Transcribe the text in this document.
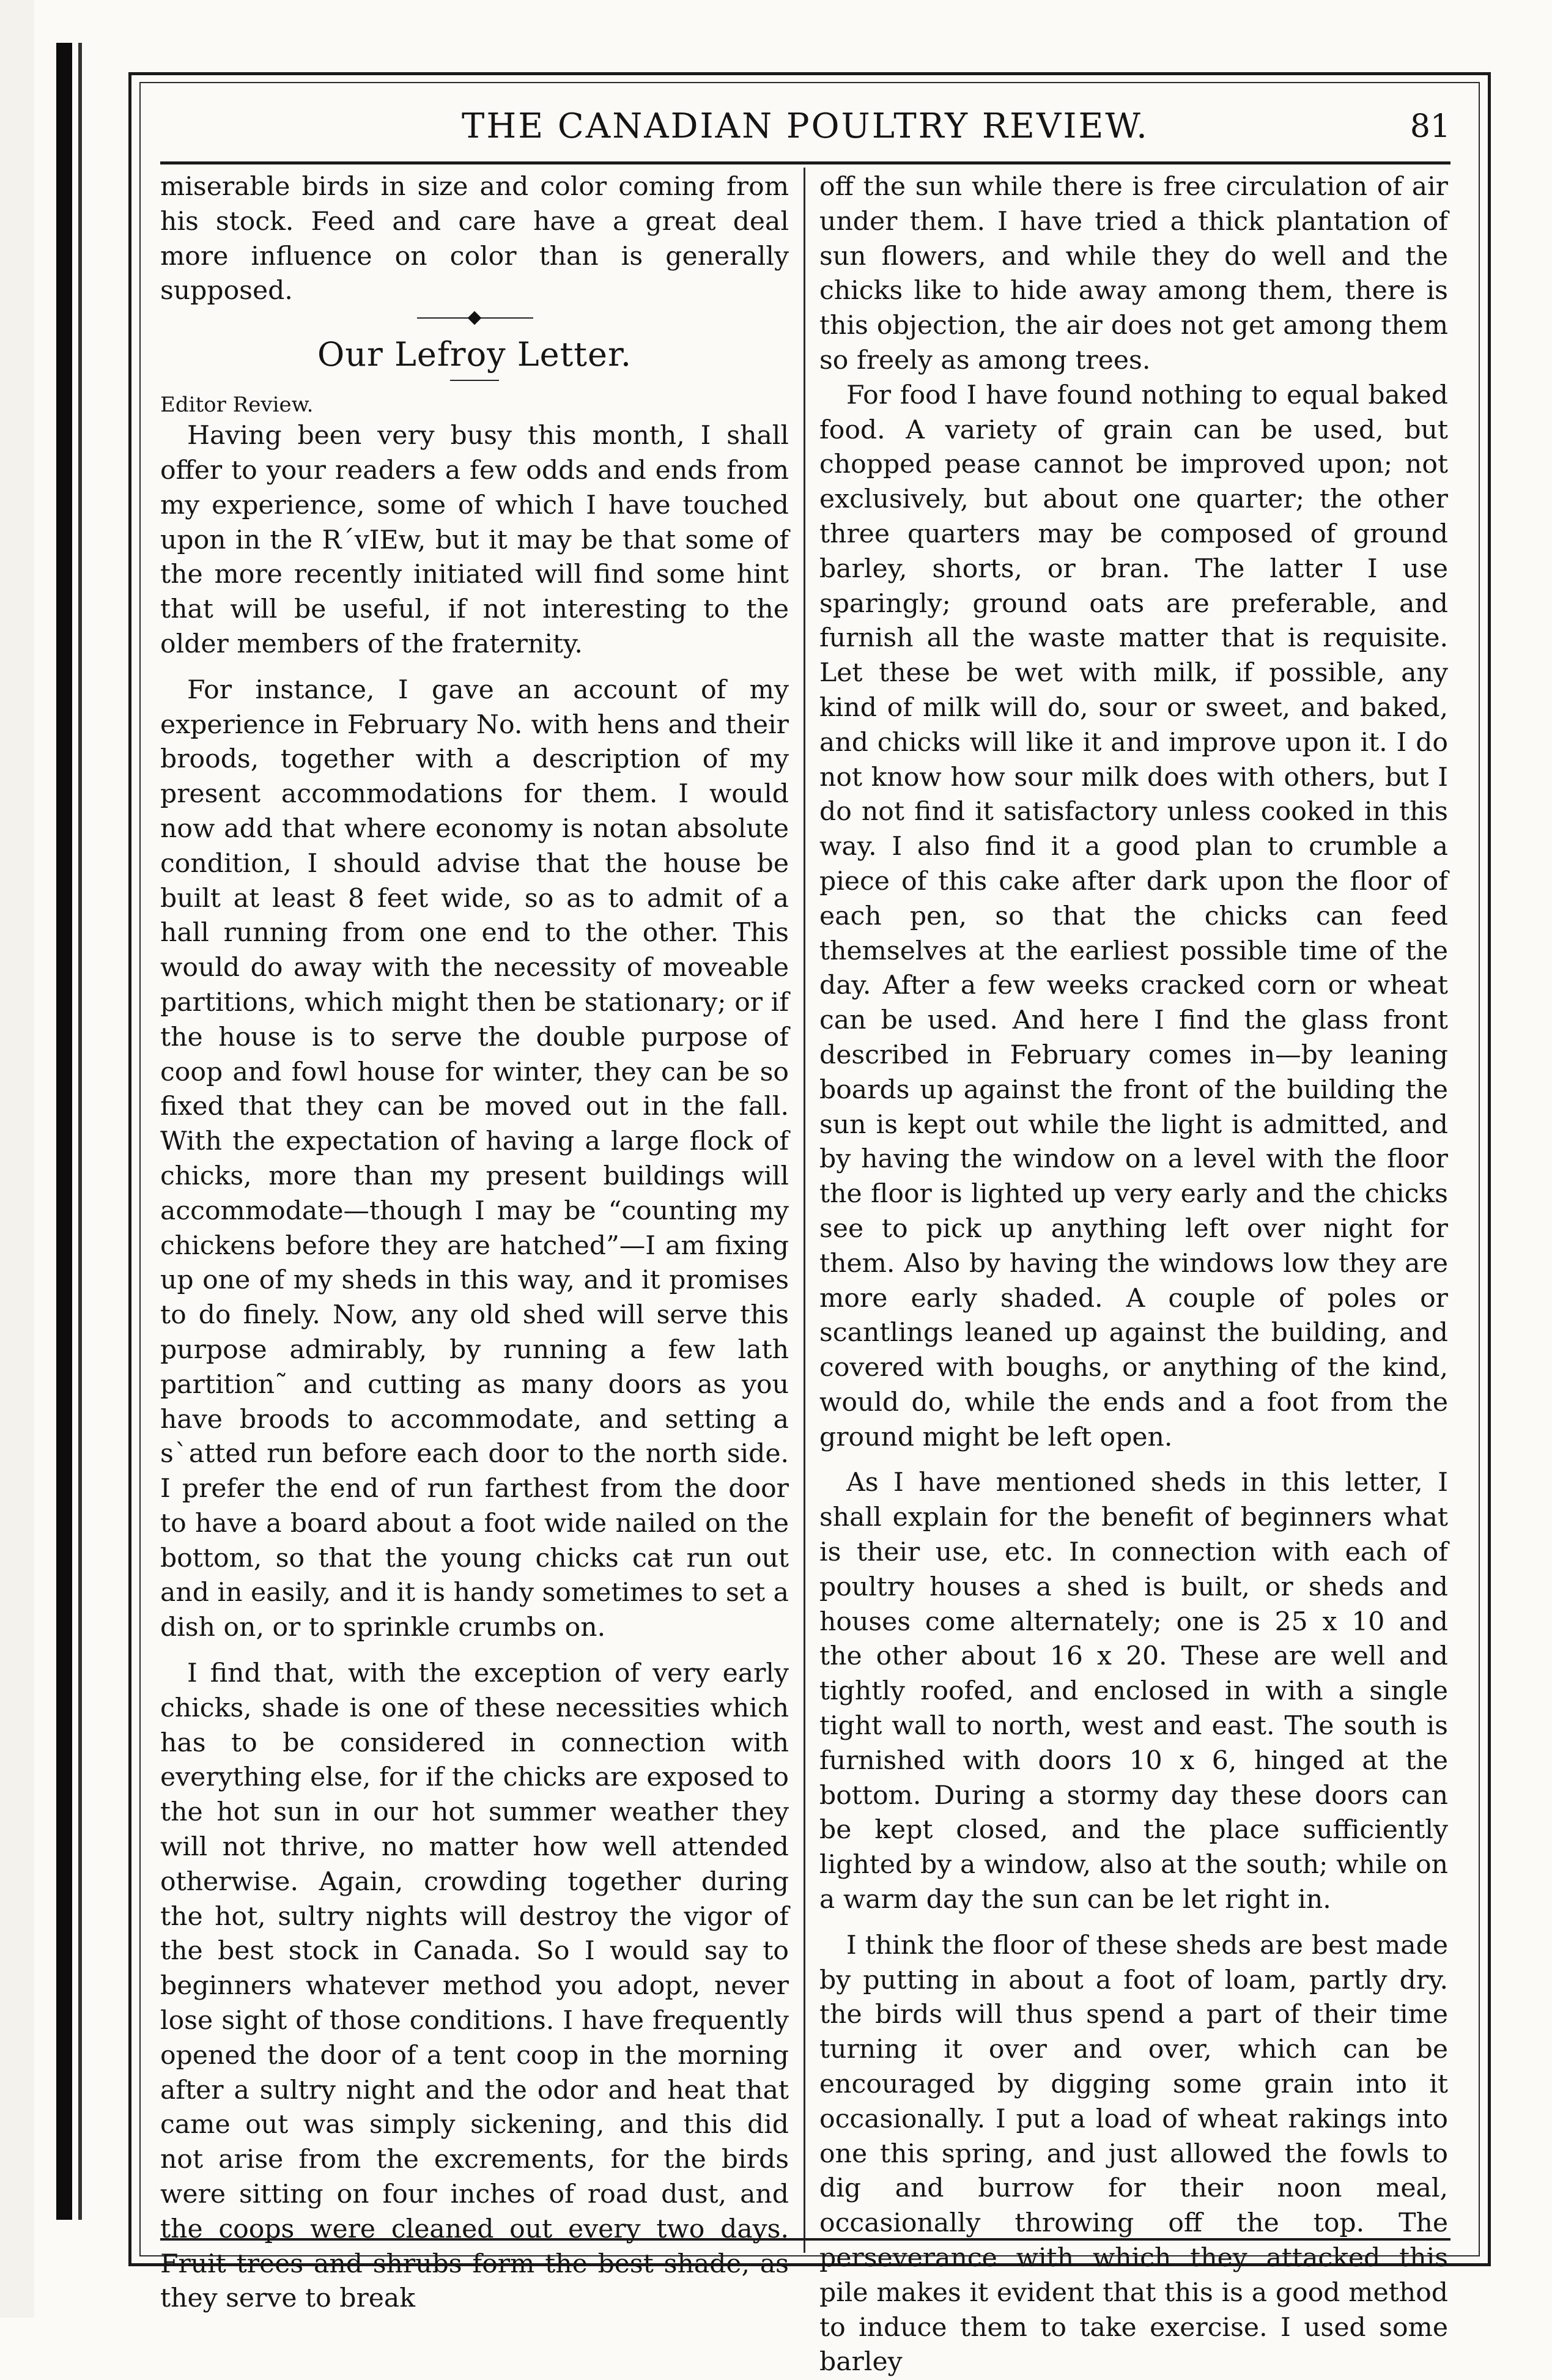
THE CANADIAN POULTRY REVIEW.	81

miserable birds in size and color coming from his stock. Feed and care have a great deal more influence on color than is generally supposed.

Our Lefroy Letter.

Editor Review.

Having been very busy this month, I shall offer to your readers a few odds and ends from my experience, some of which I have touched upon in the R´vIEw, but it may be that some of the more recently initiated will find some hint that will be useful, if not interesting to the older members of the fraternity.

For instance, I gave an account of my experience in February No. with hens and their broods, together with a description of my present accommodations for them. I would now add that where economy is notan absolute condition, I should advise that the house be built at least 8 feet wide, so as to admit of a hall running from one end to the other. This would do away with the necessity of moveable partitions, which might then be stationary; or if the house is to serve the double purpose of coop and fowl house for winter, they can be so fixed that they can be moved out in the fall. With the expectation of having a large flock of chicks, more than my present buildings will accommodate—though I may be “counting my chickens before they are hatched”—I am fixing up one of my sheds in this way, and it promises to do finely. Now, any old shed will serve this purpose admirably, by running a few lath partition˜ and cutting as many doors as you have broods to accommodate, and setting a sˋatted run before each door to the north side. I prefer the end of run farthest from the door to have a board about a foot wide nailed on the bottom, so that the young chicks caŧ run out and in easily, and it is handy sometimes to set a dish on, or to sprinkle crumbs on.

I find that, with the exception of very early chicks, shade is one of these necessities which has to be considered in connection with everything else, for if the chicks are exposed to the hot sun in our hot summer weather they will not thrive, no matter how well attended otherwise. Again, crowding together during the hot, sultry nights will destroy the vigor of the best stock in Canada. So I would say to beginners whatever method you adopt, never lose sight of those conditions. I have frequently opened the door of a tent coop in the morning after a sultry night and the odor and heat that came out was simply sickening, and this did not arise from the excrements, for the birds were sitting on four inches of road dust, and the coops were cleaned out every two days. Fruit trees and shrubs form the best shade, as they serve to break

off the sun while there is free circulation of air under them. I have tried a thick plantation of sun flowers, and while they do well and the chicks like to hide away among them, there is this objection, the air does not get among them so freely as among trees.

For food I have found nothing to equal baked food. A variety of grain can be used, but chopped pease cannot be improved upon; not exclusively, but about one quarter; the other three quarters may be composed of ground barley, shorts, or bran. The latter I use sparingly; ground oats are preferable, and furnish all the waste matter that is requisite. Let these be wet with milk, if possible, any kind of milk will do, sour or sweet, and baked, and chicks will like it and improve upon it. I do not know how sour milk does with others, but I do not find it satisfactory unless cooked in this way. I also find it a good plan to crumble a piece of this cake after dark upon the floor of each pen, so that the chicks can feed themselves at the earliest possible time of the day. After a few weeks cracked corn or wheat can be used. And here I find the glass front described in February comes in—by leaning boards up against the front of the building the sun is kept out while the light is admitted, and by having the window on a level with the floor the floor is lighted up very early and the chicks see to pick up anything left over night for them. Also by having the windows low they are more early shaded. A couple of poles or scantlings leaned up against the building, and covered with boughs, or anything of the kind, would do, while the ends and a foot from the ground might be left open.

As I have mentioned sheds in this letter, I shall explain for the benefit of beginners what is their use, etc. In connection with each of poultry houses a shed is built, or sheds and houses come alternately; one is 25 x 10 and the other about 16 x 20. These are well and tightly roofed, and enclosed in with a single tight wall to north, west and east. The south is furnished with doors 10 x 6, hinged at the bottom. During a stormy day these doors can be kept closed, and the place sufficiently lighted by a window, also at the south; while on a warm day the sun can be let right in.

I think the floor of these sheds are best made by putting in about a foot of loam, partly dry. the birds will thus spend a part of their time turning it over and over, which can be encouraged by digging some grain into it occasionally. I put a load of wheat rakings into one this spring, and just allowed the fowls to dig and burrow for their noon meal, occasionally throwing off the top. The perseverance with which they attacked this pile makes it evident that this is a good method to induce them to take exercise. I used some barley
